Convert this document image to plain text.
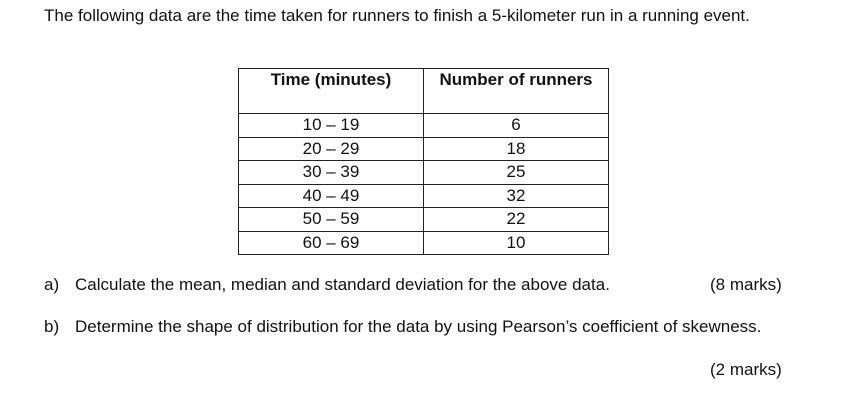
The following data are the time taken for runners to finish a 5-kilometer run in a running event.
Time (minutes)	Number of runners
10 – 19	6
20 – 29	18
30 – 39	25
40 – 49	32
50 – 59	22
60 – 69	10
a) Calculate the mean, median and standard deviation for the above data.	(8 marks)
b) Determine the shape of distribution for the data by using Pearson’s coefficient of skewness.
(2 marks)
